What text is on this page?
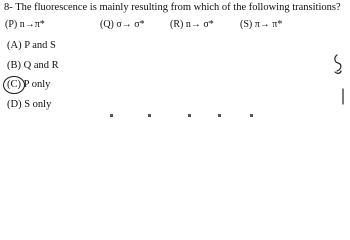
8- The fluorescence is mainly resulting from which of the following transitions?
(P) n→π*	(Q) σ→ σ*	(R) n→ σ*	(S) π→ π*
(A) P and S
(B) Q and R
(C) P only
(D) S only
